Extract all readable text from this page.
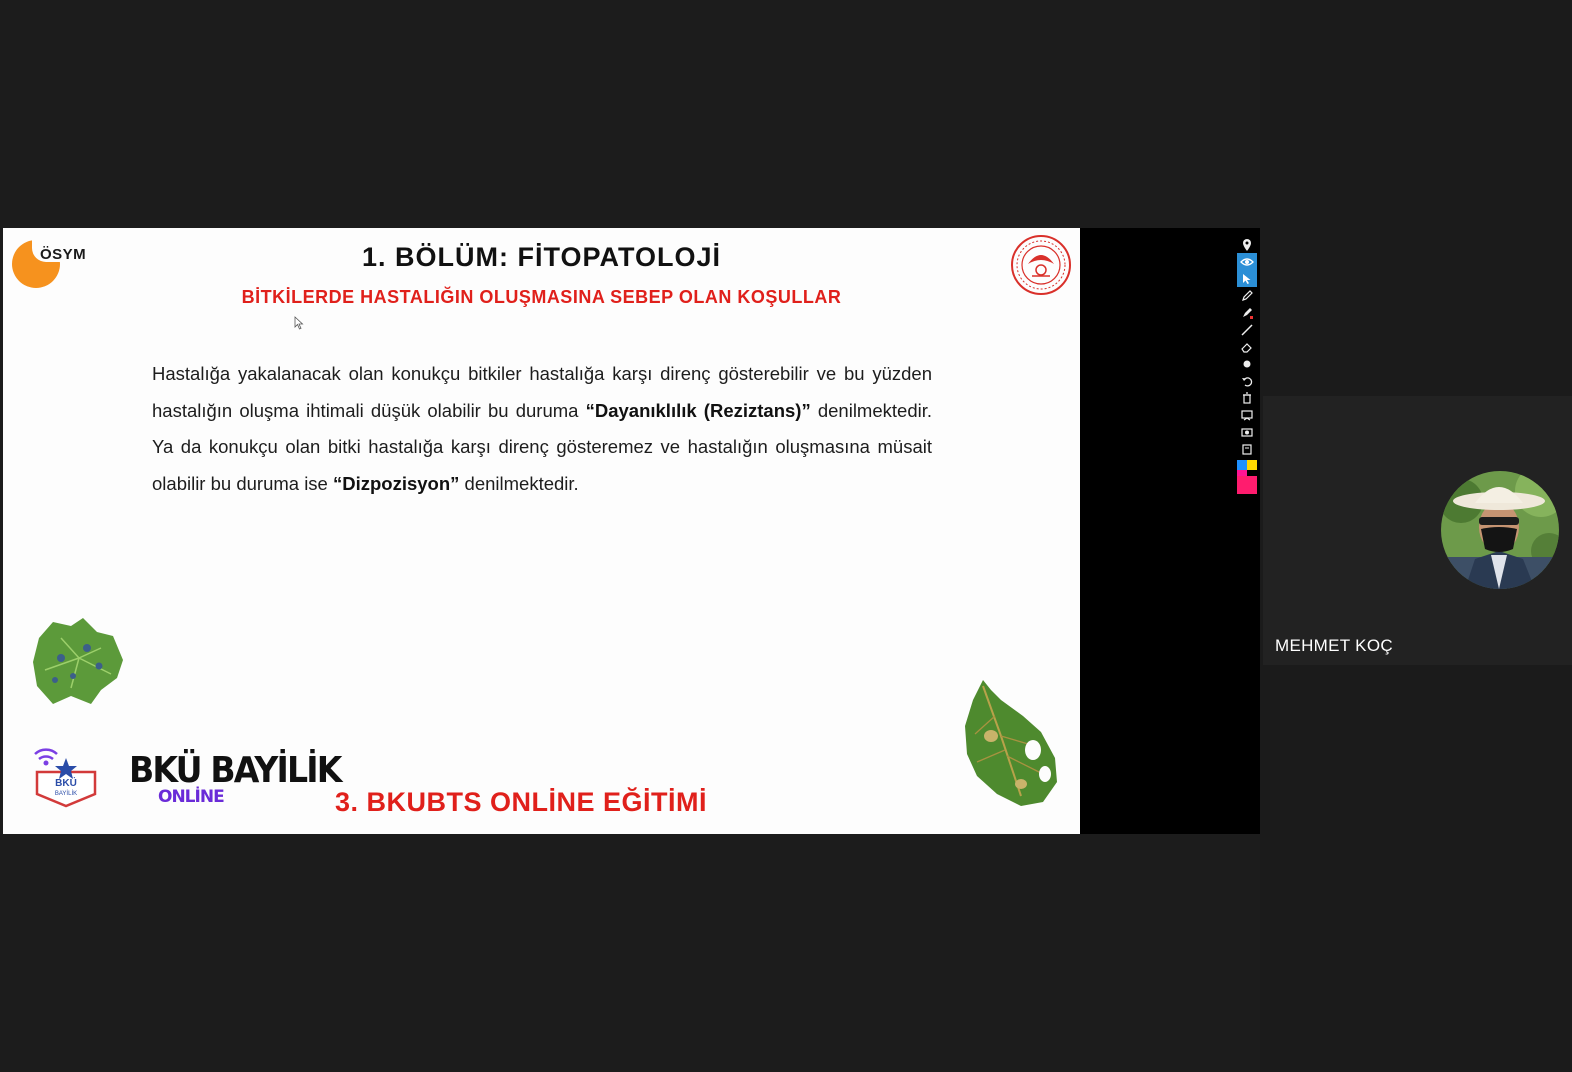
ÖSYM	1. BÖLÜM: FİTOPATOLOJİ
BİTKİLERDE HASTALIĞIN OLUŞMASINA SEBEP OLAN KOŞULLAR

Hastalığa yakalanacak olan konukçu bitkiler hastalığa karşı direnç gösterebilir ve bu yüzden hastalığın oluşma ihtimali düşük olabilir bu duruma “Dayanıklılık (Reziztans)” denilmektedir. Ya da konukçu olan bitki hastalığa karşı direnç gösteremez ve hastalığın oluşmasına müsait olabilir bu duruma ise “Dizpozisyon” denilmektedir.

BKÜ
BAYİLİK
BKÜ BAYİLİK
ONLİNE	3. BKUBTS ONLİNE EĞİTİMİ
MEHMET KOÇ
